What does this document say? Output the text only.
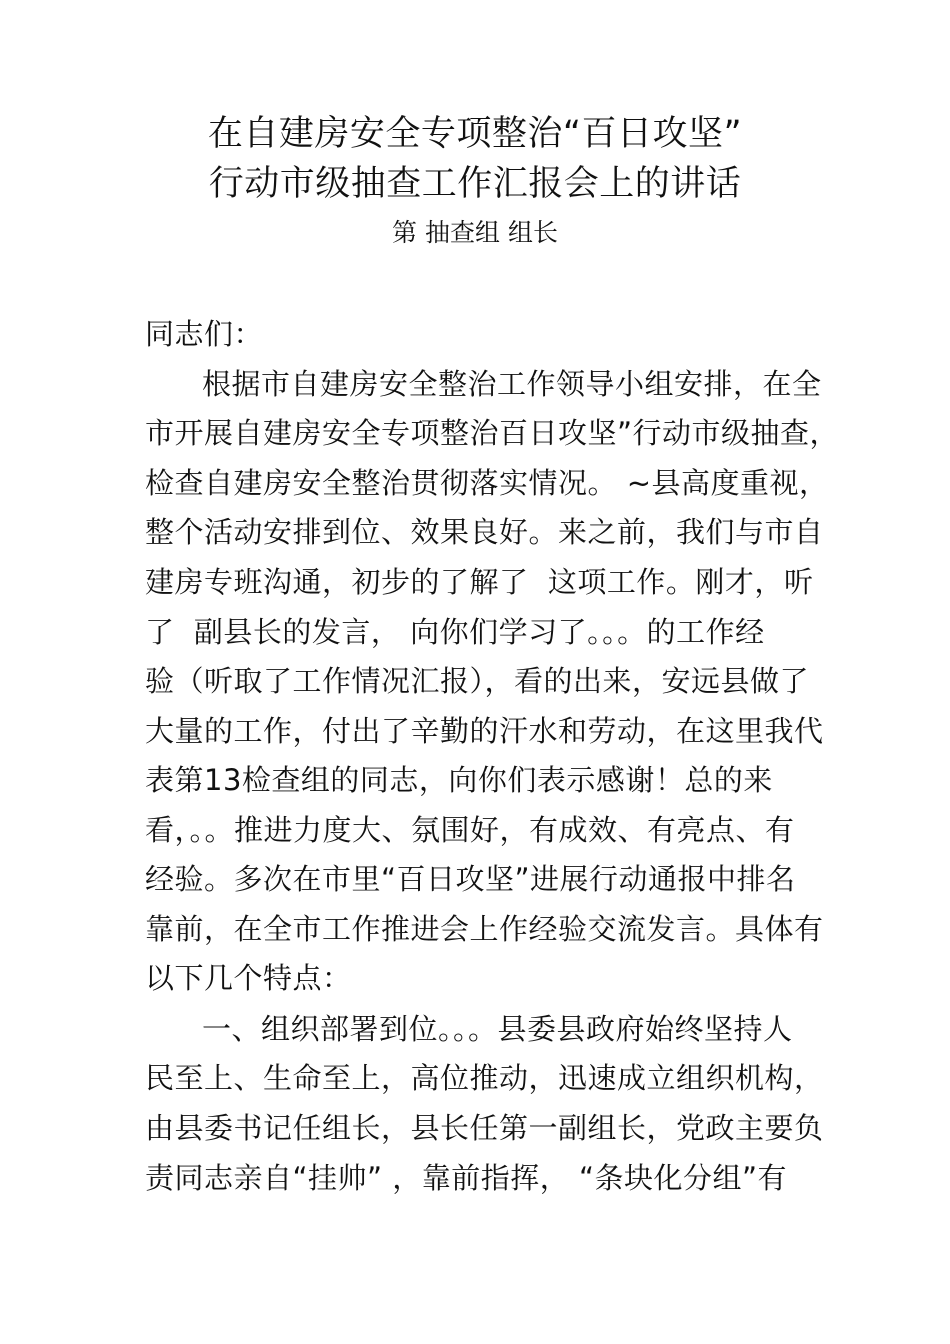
在自建房安全专项整治“百日攻坚”
行动市级抽查工作汇报会上的讲话
第 抽查组 组长

同志们：

根据市自建房安全整治工作领导小组安排，在全

市开展自建房安全专项整治百日攻坚”行动市级抽查，

检查自建房安全整治贯彻落实情况。 ~县高度重视，

整个活动安排到位、效果良好。来之前，我们与市自

建房专班沟通，初步的了解了  这项工作。刚才，听

了  副县长的发言， 向你们学习了。。。的工作经

验（听取了工作情况汇报），看的出来，安远县做了

大量的工作，付出了辛勤的汗水和劳动，在这里我代

表第13检查组的同志，向你们表示感谢！总的来

看，。。推进力度大、氛围好，有成效、有亮点、有

经验。多次在市里“百日攻坚”进展行动通报中排名

靠前，在全市工作推进会上作经验交流发言。具体有

以下几个特点：

一、组织部署到位。。。县委县政府始终坚持人

民至上、生命至上，高位推动，迅速成立组织机构，

由县委书记任组长，县长任第一副组长，党政主要负

责同志亲自“挂帅” ，靠前指挥， “条块化分组”有
